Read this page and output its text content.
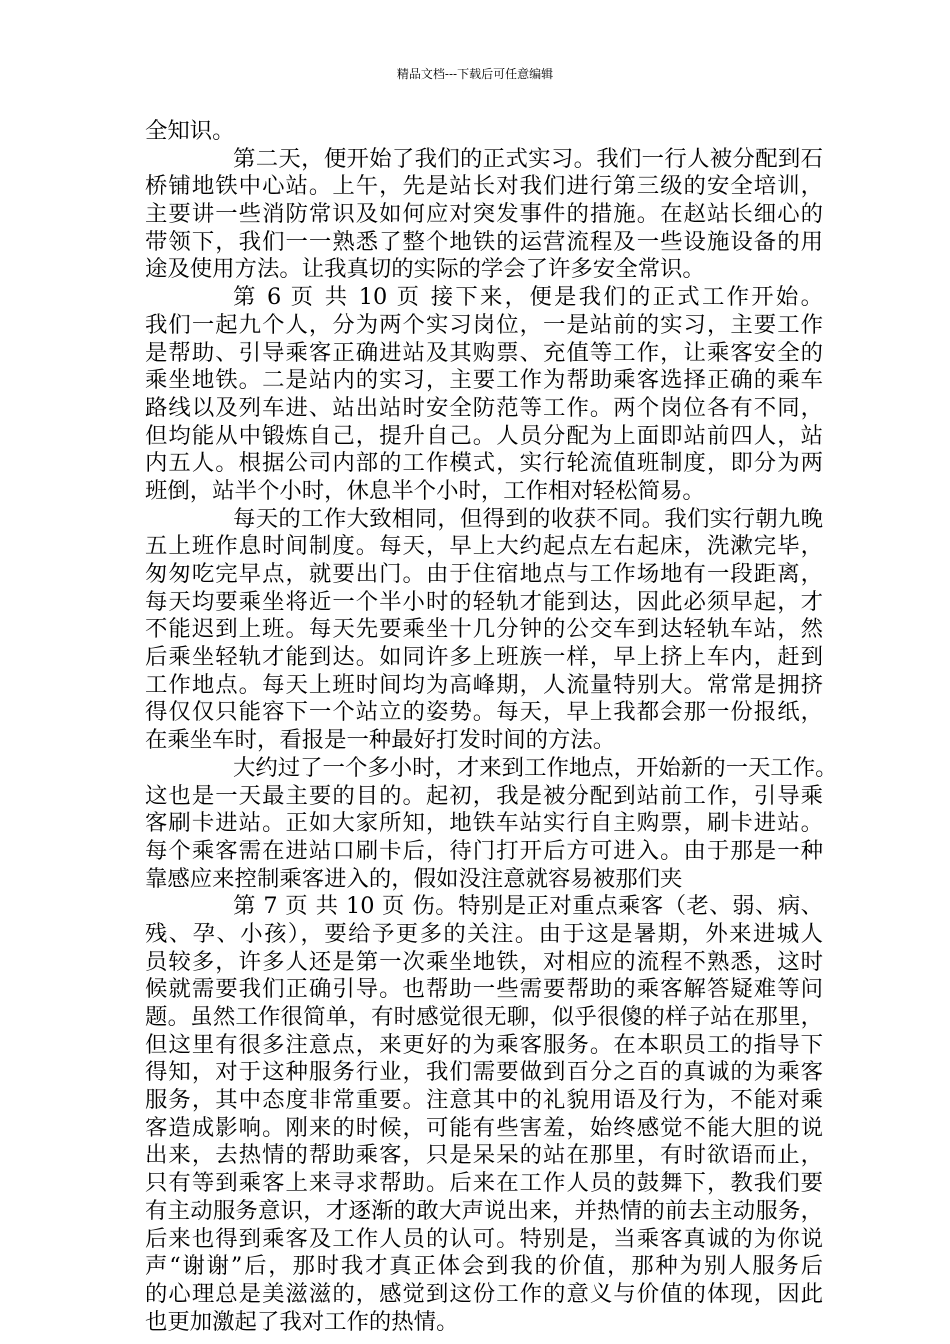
精品文档---下载后可任意编辑
全知识。
第二天，便开始了我们的正式实习。我们一行人被分配到石
桥铺地铁中心站。上午，先是站长对我们进行第三级的安全培训，
主要讲一些消防常识及如何应对突发事件的措施。在赵站长细心的
带领下，我们一一熟悉了整个地铁的运营流程及一些设施设备的用
途及使用方法。让我真切的实际的学会了许多安全常识。
第 6 页 共 10 页 接下来，便是我们的正式工作开始。
我们一起九个人，分为两个实习岗位，一是站前的实习，主要工作
是帮助、引导乘客正确进站及其购票、充值等工作，让乘客安全的
乘坐地铁。二是站内的实习，主要工作为帮助乘客选择正确的乘车
路线以及列车进、站出站时安全防范等工作。两个岗位各有不同，
但均能从中锻炼自己，提升自己。人员分配为上面即站前四人，站
内五人。根据公司内部的工作模式，实行轮流值班制度，即分为两
班倒，站半个小时，休息半个小时，工作相对轻松简易。
每天的工作大致相同，但得到的收获不同。我们实行朝九晚
五上班作息时间制度。每天，早上大约起点左右起床，洗漱完毕，
匆匆吃完早点，就要出门。由于住宿地点与工作场地有一段距离，
每天均要乘坐将近一个半小时的轻轨才能到达，因此必须早起，才
不能迟到上班。每天先要乘坐十几分钟的公交车到达轻轨车站，然
后乘坐轻轨才能到达。如同许多上班族一样，早上挤上车内，赶到
工作地点。每天上班时间均为高峰期，人流量特别大。常常是拥挤
得仅仅只能容下一个站立的姿势。每天，早上我都会那一份报纸，
在乘坐车时，看报是一种最好打发时间的方法。
大约过了一个多小时，才来到工作地点，开始新的一天工作。
这也是一天最主要的目的。起初，我是被分配到站前工作，引导乘
客刷卡进站。正如大家所知，地铁车站实行自主购票，刷卡进站。
每个乘客需在进站口刷卡后，待门打开后方可进入。由于那是一种
靠感应来控制乘客进入的，假如没注意就容易被那们夹
第 7 页 共 10 页 伤。特别是正对重点乘客（老、弱、病、
残、孕、小孩），要给予更多的关注。由于这是暑期，外来进城人
员较多，许多人还是第一次乘坐地铁，对相应的流程不熟悉，这时
候就需要我们正确引导。也帮助一些需要帮助的乘客解答疑难等问
题。虽然工作很简单，有时感觉很无聊，似乎很傻的样子站在那里，
但这里有很多注意点，来更好的为乘客服务。在本职员工的指导下
得知，对于这种服务行业，我们需要做到百分之百的真诚的为乘客
服务，其中态度非常重要。注意其中的礼貌用语及行为，不能对乘
客造成影响。刚来的时候，可能有些害羞，始终感觉不能大胆的说
出来，去热情的帮助乘客，只是呆呆的站在那里，有时欲语而止，
只有等到乘客上来寻求帮助。后来在工作人员的鼓舞下，教我们要
有主动服务意识，才逐渐的敢大声说出来，并热情的前去主动服务，
后来也得到乘客及工作人员的认可。特别是，当乘客真诚的为你说
声“谢谢”后，那时我才真正体会到我的价值，那种为别人服务后
的心理总是美滋滋的，感觉到这份工作的意义与价值的体现，因此
也更加激起了我对工作的热情。
